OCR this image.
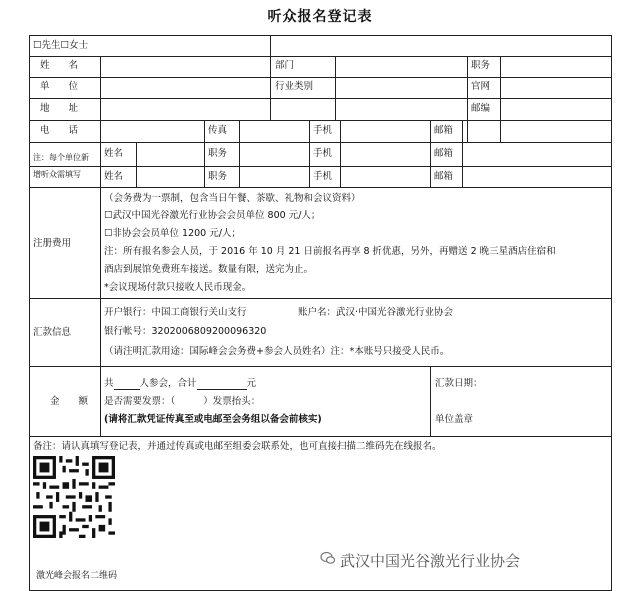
听众报名登记表
☐先生☐女士
姓　　名	部门	职务
单　　位	行业类别	官网
地　　址	邮编
电　　话	传真	手机	邮箱
注：每个单位新
增听众需填写
姓名	职务	手机	邮箱
姓名	职务	手机	邮箱
注册费用
（会务费为一票制，包含当日午餐、茶歇、礼物和会议资料）
☐武汉中国光谷激光行业协会会员单位 800 元/人；
☐非协会会员单位 1200 元/人；
注：所有报名参会人员，于 2016 年 10 月 21 日前报名再享 8 折优惠，另外，再赠送 2 晚三星酒店住宿和
酒店到展馆免费班车接送。数量有限，送完为止。
*会议现场付款只接收人民币现金。
汇款信息
开户银行：中国工商银行关山支行	账户名：武汉·中国光谷激光行业协会
银行帐号：3202006809200096320
（请注明汇款用途：国际峰会会务费+参会人员姓名）注：*本账号只接受人民币。
金　　额
共	人参会，合计	元
是否需要发票：（	）发票抬头：
(请将汇款凭证传真至或电邮至会务组以备会前核实)
汇款日期：
单位盖章
备注：请认真填写登记表，并通过传真或电邮至组委会联系处，也可直接扫描二维码先在线报名。
武汉中国光谷激光行业协会
激光峰会报名二维码
